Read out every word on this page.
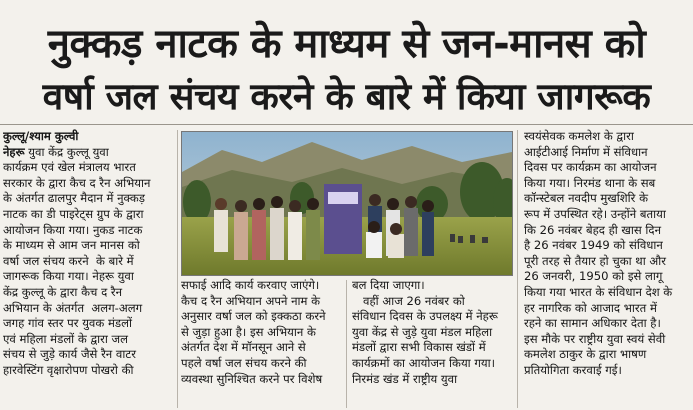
नुक्कड़ नाटक के माध्यम से जन-मानस को
वर्षा जल संचय करने के बारे में किया जागरूक
कुल्लू/श्याम कुल्वी

नेहरू युवा केंद्र कुल्लू युवा
कार्यक्रम एवं खेल मंत्रालय भारत
सरकार के द्वारा कैच द रैन अभियान
के अंतर्गत ढालपुर मैदान में नुक्कड़
नाटक का डी पाइरेट्स ग्रुप के द्वारा
आयोजन किया गया। नुकड नाटक
के माध्यम से आम जन मानस को
वर्षा जल संचय करने  के बारे में
जागरूक किया गया। नेहरू युवा
केंद्र कुल्लू के द्वारा कैच द रैन
अभियान के अंतर्गत  अलग-अलग
जगह गांव स्तर पर युवक मंडलों
एवं महिला मंडलों के द्वारा जल
संचय से जुड़े कार्य जैसे रैन वाटर
हारवेस्टिंग वृक्षारोपण पोखरो की

सफाई आदि कार्य करवाए जाएंगे।
कैच द रैन अभियान अपने नाम के
अनुसार वर्षा जल को इक्कठा करने
से जुड़ा हुआ है। इस अभियान के
अंतर्गत देश में मॉनसून आने से
पहले वर्षा जल संचय करने की
व्यवस्था सुनिश्चित करने पर विशेष

बल दिया जाएगा।
वहीं आज 26 नवंबर को
संविधान दिवस के उपलक्ष्य में नेहरू
युवा केंद्र से जुड़े युवा मंडल महिला
मंडलों द्वारा सभी विकास खंडों में
कार्यक्रमों का आयोजन किया गया।
निरमंड खंड में राष्ट्रीय युवा

स्वयंसेवक कमलेश के द्वारा
आईटीआई निर्माण में संविधान
दिवस पर कार्यक्रम का आयोजन
किया गया। निरमंड थाना के सब
कॉन्स्टेबल नवदीप मुखशिरि के
रूप में उपस्थित रहे। उन्होंने बताया
कि 26 नवंबर बेहद ही खास दिन
है 26 नवंबर 1949 को संविधान
पूरी तरह से तैयार हो चुका था और
26 जनवरी, 1950 को इसे लागू
किया गया भारत के संविधान देश के
हर नागरिक को आजाद भारत में
रहने का सामान अधिकार देता है।
इस मौके पर राष्ट्रीय युवा स्वयं सेवी
कमलेश ठाकुर के द्वारा भाषण
प्रतियोगिता करवाई गई।
